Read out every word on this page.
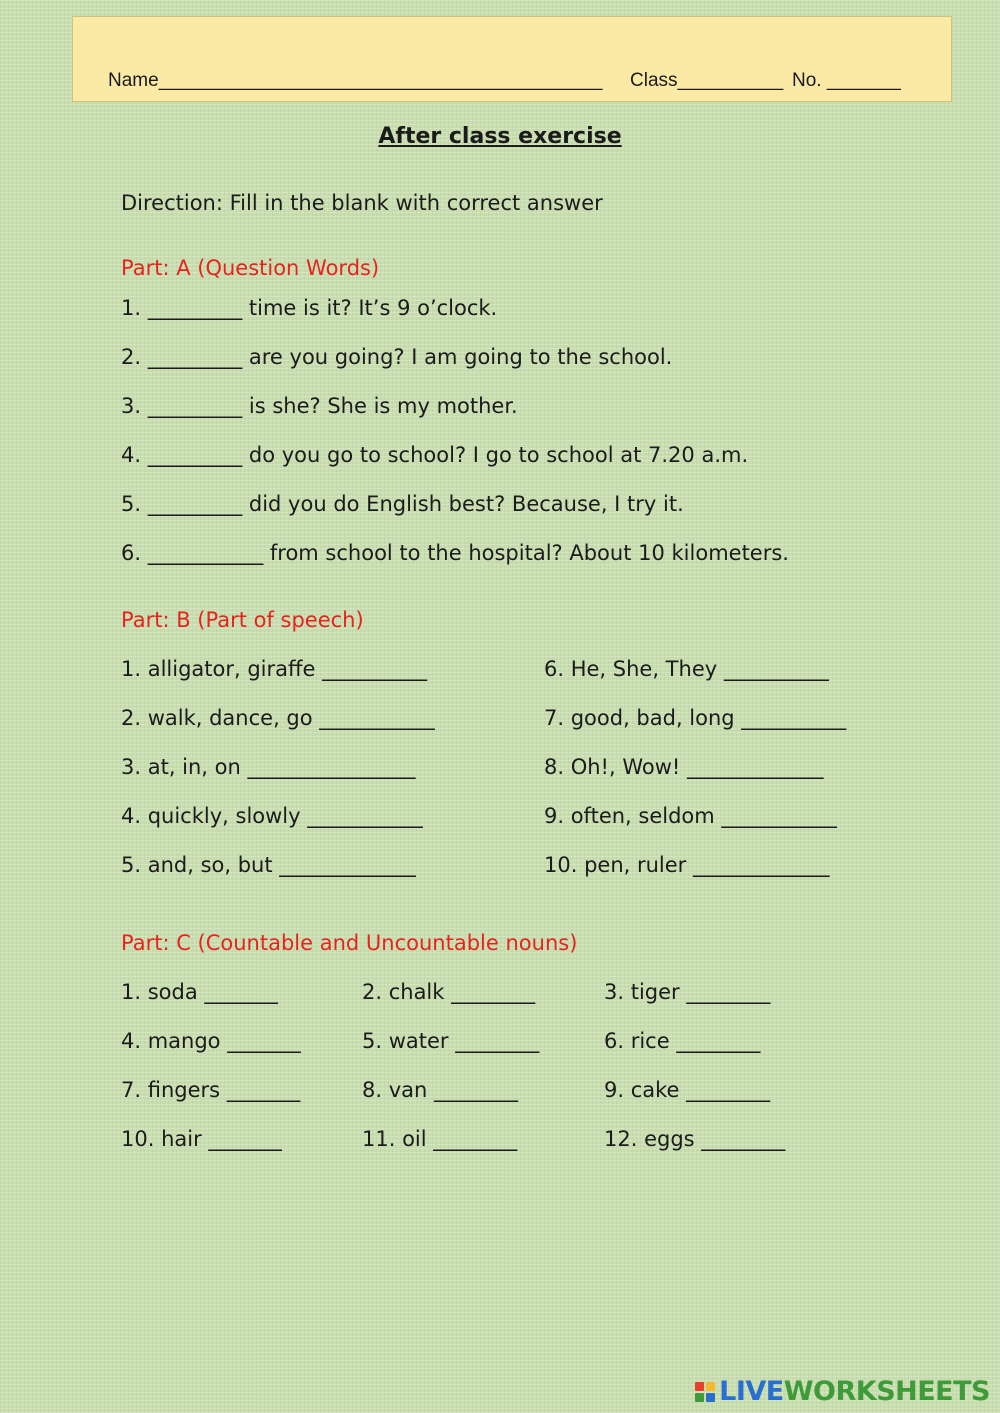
Name__________________________________________ Class__________ No. _______
After class exercise
Direction: Fill in the blank with correct answer
Part: A (Question Words)
1. _________ time is it? It’s 9 o’clock.
2. _________ are you going? I am going to the school.
3. _________ is she? She is my mother.
4. _________ do you go to school? I go to school at 7.20 a.m.
5. _________ did you do English best? Because, I try it.
6. ___________ from school to the hospital? About 10 kilometers.
Part: B (Part of speech)
1. alligator, giraffe __________
2. walk, dance, go ___________
3. at, in, on ________________
4. quickly, slowly ___________
5. and, so, but _____________
6. He, She, They __________
7. good, bad, long __________
8. Oh!, Wow! _____________
9. often, seldom ___________
10. pen, ruler _____________
Part: C (Countable and Uncountable nouns)
1. soda _______
4. mango _______
7. fingers _______
10. hair _______
2. chalk ________
5. water ________
8. van ________
11. oil ________
3. tiger ________
6. rice ________
9. cake ________
12. eggs ________
LIVE WORKSHEETS
